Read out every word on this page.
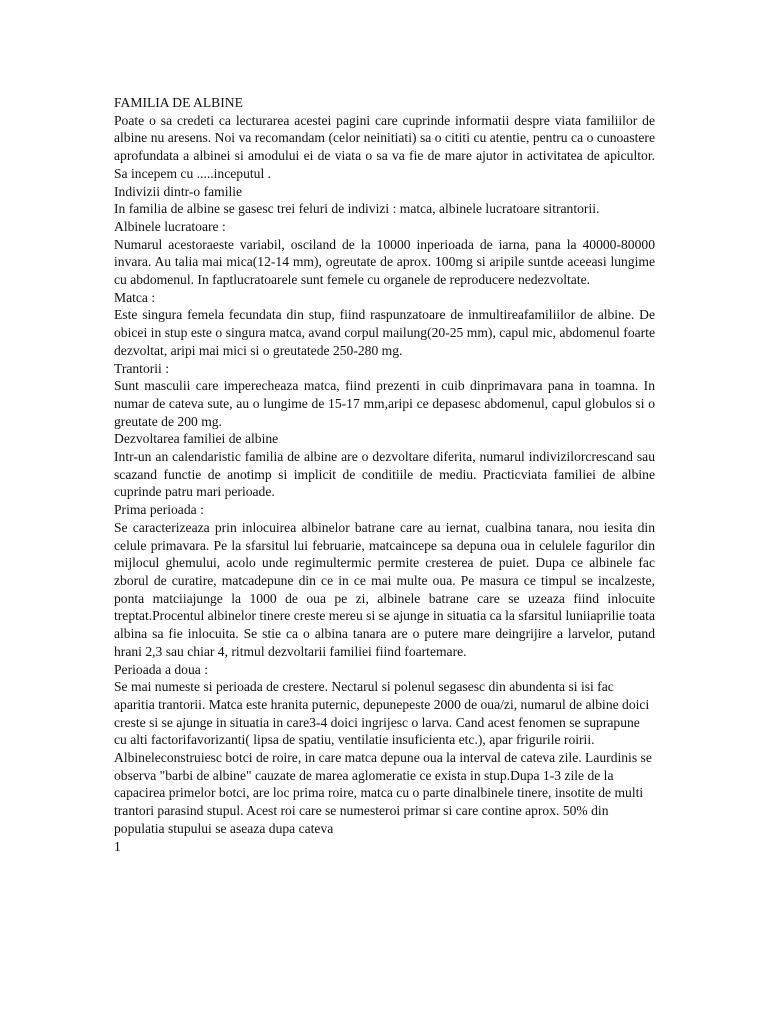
FAMILIA DE ALBINE

Poate o sa credeti ca lecturarea acestei pagini care cuprinde informatii despre viata familiilor de albine nu aresens. Noi va recomandam (celor neinitiati) sa o cititi cu atentie, pentru ca o cunoastere aprofundata a albinei si amodului ei de viata o sa va fie de mare ajutor in activitatea de apicultor. Sa incepem cu .....inceputul .

Indivizii dintr-o familie

In familia de albine se gasesc trei feluri de indivizi : matca, albinele lucratoare sitrantorii.

Albinele lucratoare :

Numarul acestoraeste variabil, osciland de la 10000 inperioada de iarna, pana la 40000-80000 invara. Au talia mai mica(12-14 mm), ogreutate de aprox. 100mg si aripile suntde aceeasi lungime cu abdomenul. In faptlucratoarele sunt femele cu organele de reproducere nedezvoltate.

Matca :

Este singura femela fecundata din stup, fiind raspunzatoare de inmultireafamiliilor de albine. De obicei in stup este o singura matca, avand corpul mailung(20-25 mm), capul mic, abdomenul foarte dezvoltat, aripi mai mici si o greutatede 250-280 mg.

Trantorii :

Sunt masculii care imperecheaza matca, fiind prezenti in cuib dinprimavara pana in toamna. In numar de cateva sute, au o lungime de 15-17 mm,aripi ce depasesc abdomenul, capul globulos si o greutate de 200 mg.

Dezvoltarea familiei de albine

Intr-un an calendaristic familia de albine are o dezvoltare diferita, numarul indivizilorcrescand sau scazand functie de anotimp si implicit de conditiile de mediu. Practicviata familiei de albine cuprinde patru mari perioade.

Prima perioada :

Se caracterizeaza prin inlocuirea albinelor batrane care au iernat, cualbina tanara, nou iesita din celule primavara. Pe la sfarsitul lui februarie, matcaincepe sa depuna oua in celulele fagurilor din mijlocul ghemului, acolo unde regimultermic permite cresterea de puiet. Dupa ce albinele fac zborul de curatire, matcadepune din ce in ce mai multe oua. Pe masura ce timpul se incalzeste, ponta matciiajunge la 1000 de oua pe zi, albinele batrane care se uzeaza fiind inlocuite treptat.Procentul albinelor tinere creste mereu si se ajunge in situatia ca la sfarsitul luniiaprilie toata albina sa fie inlocuita. Se stie ca o albina tanara are o putere mare deingrijire a larvelor, putand hrani 2,3 sau chiar 4, ritmul dezvoltarii familiei fiind foartemare.

Perioada a doua :

Se mai numeste si perioada de crestere. Nectarul si polenul segasesc din abundenta si isi fac aparitia trantorii. Matca este hranita puternic, depunepeste 2000 de oua/zi, numarul de albine doici creste si se ajunge in situatia in care3-4 doici ingrijesc o larva. Cand acest fenomen se suprapune cu alti factorifavorizanti( lipsa de spatiu, ventilatie insuficienta etc.), apar frigurile roirii. Albineleconstruiesc botci de roire, in care matca depune oua la interval de cateva zile. Laurdinis se observa "barbi de albine" cauzate de marea aglomeratie ce exista in stup.Dupa 1-3 zile de la capacirea primelor botci, are loc prima roire, matca cu o parte dinalbinele tinere, insotite de multi trantori parasind stupul. Acest roi care se numesteroi primar si care contine aprox. 50% din populatia stupului se aseaza dupa cateva

1
